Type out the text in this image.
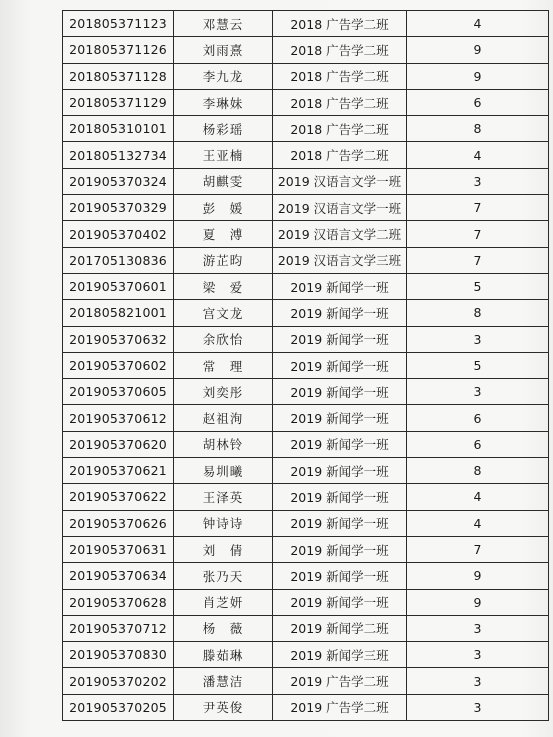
201805371123	邓慧云	2018 广告学二班	4
201805371126	刘雨熹	2018 广告学二班	9
201805371128	李九龙	2018 广告学二班	9
201805371129	李琳妹	2018 广告学二班	6
201805310101	杨彩瑶	2018 广告学二班	8
201805132734	王亚楠	2018 广告学二班	4
201905370324	胡麒雯	2019 汉语言文学一班	3
201905370329	彭　媛	2019 汉语言文学一班	7
201905370402	夏　溥	2019 汉语言文学二班	7
201705130836	游芷昀	2019 汉语言文学三班	7
201905370601	梁　爱	2019 新闻学一班	5
201805821001	宫文龙	2019 新闻学一班	8
201905370632	余欣怡	2019 新闻学一班	3
201905370602	常　理	2019 新闻学一班	5
201905370605	刘奕彤	2019 新闻学一班	3
201905370612	赵祖洵	2019 新闻学一班	6
201905370620	胡林铃	2019 新闻学一班	6
201905370621	易圳曦	2019 新闻学一班	8
201905370622	王泽英	2019 新闻学一班	4
201905370626	钟诗诗	2019 新闻学一班	4
201905370631	刘　倩	2019 新闻学一班	7
201905370634	张乃天	2019 新闻学一班	9
201905370628	肖芝妍	2019 新闻学一班	9
201905370712	杨　薇	2019 新闻学二班	3
201905370830	滕茹琳	2019 新闻学三班	3
201905370202	潘慧洁	2019 广告学二班	3
201905370205	尹英俊	2019 广告学二班	3
